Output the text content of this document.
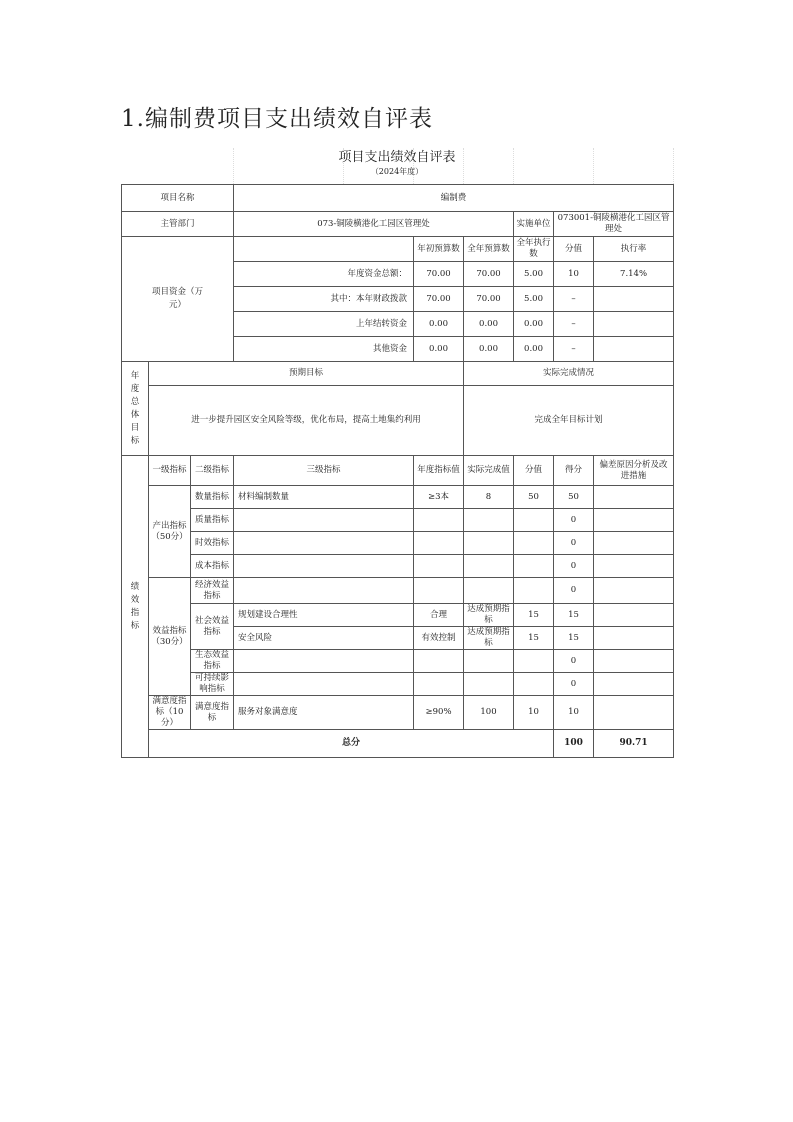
1.编制费项目支出绩效自评表
项目支出绩效自评表
（2024年度）
项目名称			编制费						
主管部门			073-铜陵横港化工园区管理处			实施单位	073001-铜陵横港化工园区管理处		

项目资金（万元）				年初预算数	全年预算数	全年执行数	分值	执行率	
			年度资金总额：	70.00	70.00	5.00	10	7.14%	
			其中：本年财政拨款	70.00	70.00	5.00	–		
			上年结转资金	0.00	0.00	0.00	–		
			其他资金	0.00	0.00	0.00	–		

年度总体目标	预期目标				实际完成情况				
	进一步提升园区安全风险等级，优化布局，提高土地集约利用				完成全年目标计划				

绩效指标	一级指标	二级指标	三级指标	年度指标值	实际完成值	分值	得分	偏差原因分析及改进措施	
	产出指标（50分）	数量指标	材料编制数量	≥3本	8	50	50		
		质量指标					0		
		时效指标					0		
		成本指标					0		
	效益指标（30分）	经济效益指标					0		
		社会效益指标	规划建设合理性	合理	达成预期指标	15	15		
			安全风险	有效控制	达成预期指标	15	15		
		生态效益指标					0		
		可持续影响指标					0		
	满意度指标（10分）	满意度指标	服务对象满意度	≥90%	100	10	10		
	总分						100	90.71	
